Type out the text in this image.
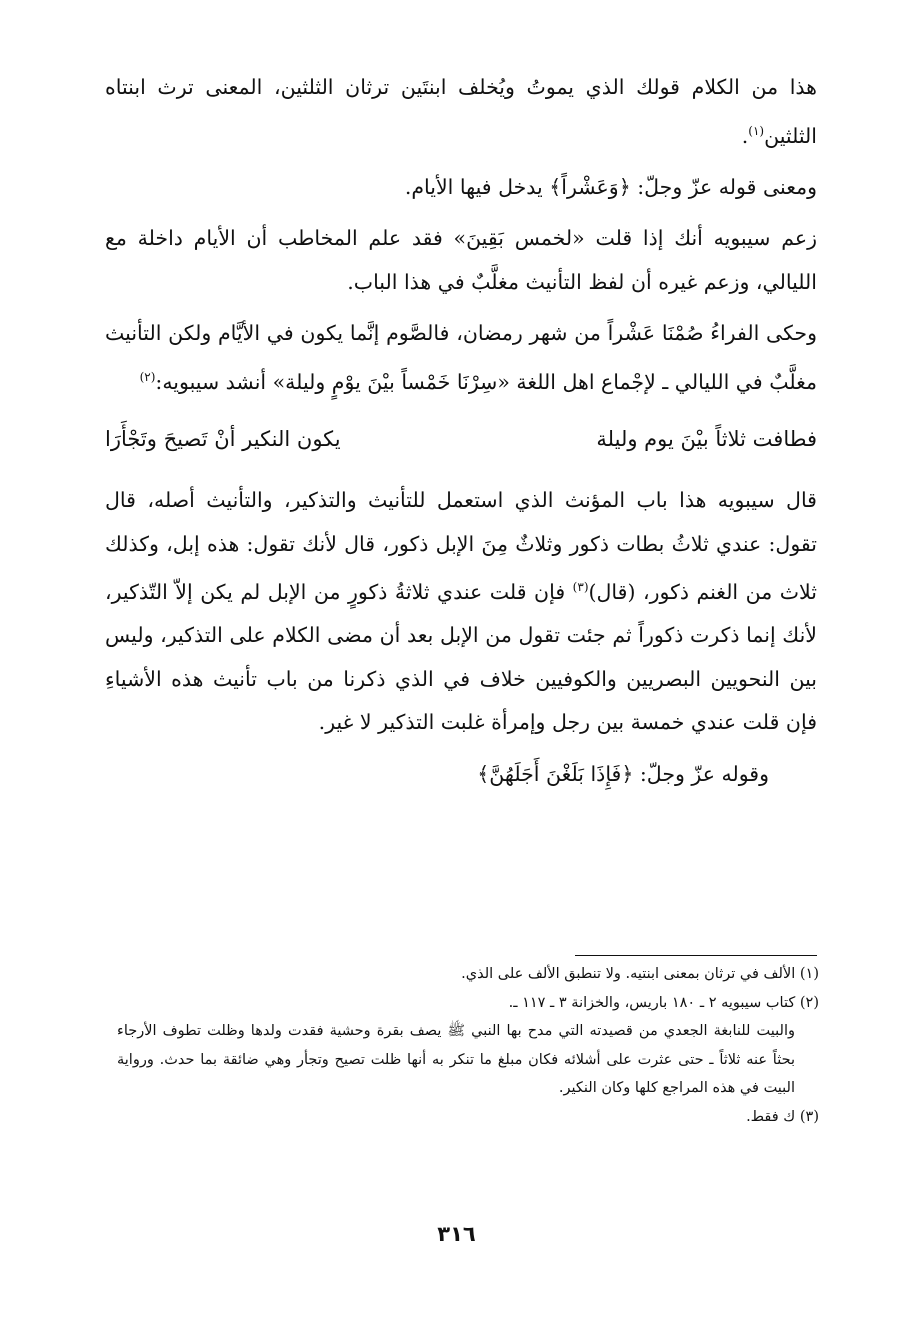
هذا من الكلام قولك الذي يموتُ ويُخلف ابنتَين ترثان الثلثين، المعنى ترث ابنتاه الثلثين$^{(١)}$.

ومعنى قوله عزّ وجلّ: ﴿وَعَشْراً﴾ يدخل فيها الأيام.

زعم سيبويه أنك إذا قلت «لخمس بَقِينَ» فقد علم المخاطب أن الأيام داخلة مع الليالي، وزعم غيره أن لفظ التأنيث مغلَّبٌ في هذا الباب.

وحكى الفراءُ صُمْنَا عَشْراً من شهر رمضان، فالصَّوم إنَّما يكون في الأيَّام ولكن التأنيث مغلَّبٌ في الليالي ـ لإجْماع اهل اللغة «سِرْنَا خَمْساً بيْنَ يوْمٍ وليلة» أنشد سيبويه:$^{(٢)}$

فطافت ثلاثاً بيْنَ يوم وليلة
يكون النكير أنْ تَصيحَ وتَجْأَرَا

قال سيبويه هذا باب المؤنث الذي استعمل للتأنيث والتذكير، والتأنيث أصله، قال تقول: عندي ثلاثُ بطات ذكور وثلاثٌ مِنَ الإبل ذكور، قال لأنك تقول: هذه إبل، وكذلك ثلاث من الغنم ذكور، (قال)$^{(٣)}$ فإن قلت عندي ثلاثةُ ذكورٍ من الإبل لم يكن إلاّ التّذكير، لأنك إنما ذكرت ذكوراً ثم جئت تقول من الإبل بعد أن مضى الكلام على التذكير، وليس بين النحويين البصريين والكوفيين خلاف في الذي ذكرنا من باب تأنيث هذه الأشياءِ فإن قلت عندي خمسة بين رجل وإمرأة غلبت التذكير لا غير.

وقوله عزّ وجلّ: ﴿فَإِذَا بَلَغْنَ أَجَلَهُنَّ﴾

(١) الألف في ترثان بمعنى ابنتيه. ولا تنطبق الألف على الذي.

(٢) كتاب سيبويه ٢ ـ ١٨٠ باريس، والخزانة ٣ ـ ١١٧ ـ.

والبيت للنابغة الجعدي من قصيدته التي مدح بها النبي ﷺ يصف بقرة وحشية فقدت ولدها وظلت تطوف الأرجاء بحثاً عنه ثلاثاً ـ حتى عثرت على أشلائه فكان مبلغ ما تنكر به أنها ظلت تصيح وتجأر وهي ضائقة بما حدث. ورواية البيت في هذه المراجع كلها وكان النكير.

(٣) ك فقط.

٣١٦
